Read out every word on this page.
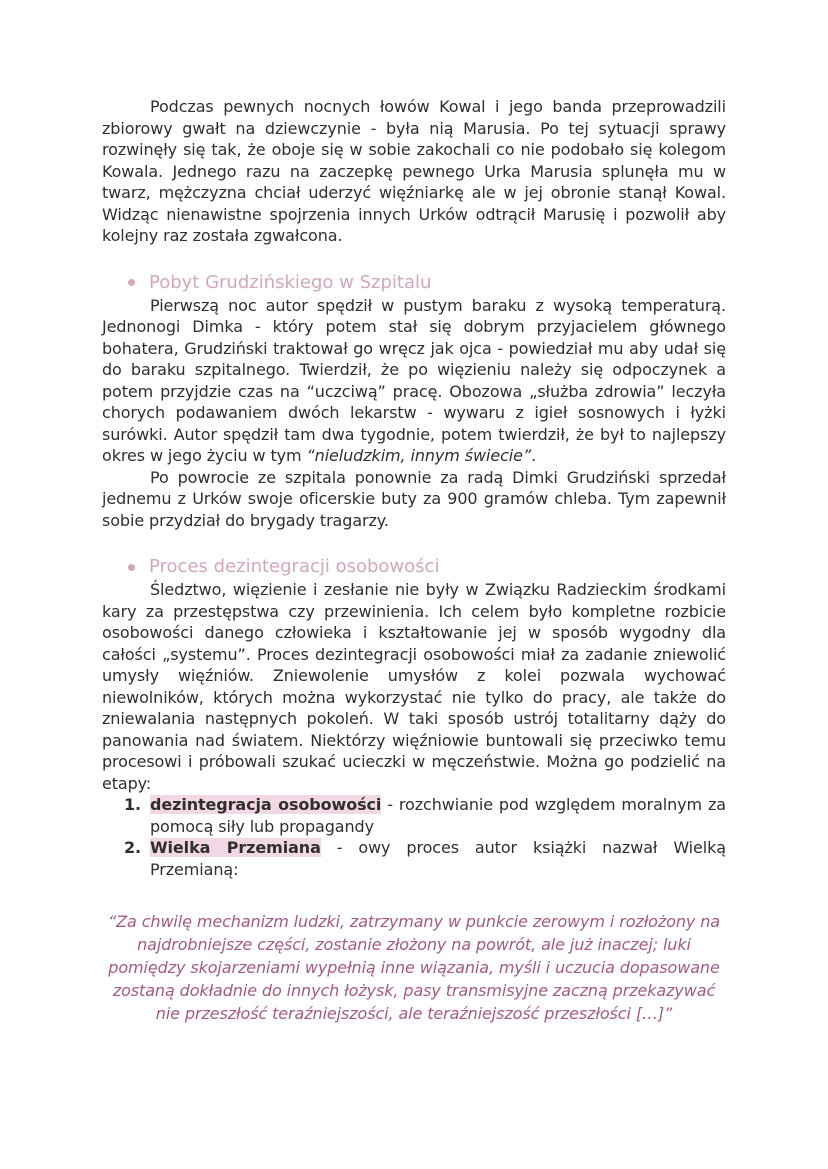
Podczas pewnych nocnych łowów Kowal i jego banda przeprowadzili zbiorowy gwałt na dziewczynie - była nią Marusia. Po tej sytuacji sprawy rozwinęły się tak, że oboje się w sobie zakochali co nie podobało się kolegom Kowala. Jednego razu na zaczepkę pewnego Urka Marusia splunęła mu w twarz, mężczyzna chciał uderzyć więźniarkę ale w jej obronie stanął Kowal. Widząc nienawistne spojrzenia innych Urków odtrącił Marusię i pozwolił aby kolejny raz została zgwałcona.

Pobyt Grudzińskiego w Szpitalu

Pierwszą noc autor spędził w pustym baraku z wysoką temperaturą. Jednonogi Dimka - który potem stał się dobrym przyjacielem głównego bohatera, Grudziński traktował go wręcz jak ojca - powiedział mu aby udał się do baraku szpitalnego. Twierdził, że po więzieniu należy się odpoczynek a potem przyjdzie czas na “uczciwą” pracę. Obozowa „służba zdrowia” leczyła chorych podawaniem dwóch lekarstw - wywaru z igieł sosnowych i łyżki surówki. Autor spędził tam dwa tygodnie, potem twierdził, że był to najlepszy okres w jego życiu w tym “nieludzkim, innym świecie”.

Po powrocie ze szpitala ponownie za radą Dimki Grudziński sprzedał jednemu z Urków swoje oficerskie buty za 900 gramów chleba. Tym zapewnił sobie przydział do brygady tragarzy.

Proces dezintegracji osobowości

Śledztwo, więzienie i zesłanie nie były w Związku Radzieckim środkami kary za przestępstwa czy przewinienia. Ich celem było kompletne rozbicie osobowości danego człowieka i kształtowanie jej w sposób wygodny dla całości „systemu”. Proces dezintegracji osobowości miał za zadanie zniewolić umysły więźniów. Zniewolenie umysłów z kolei pozwala wychować niewolników, których można wykorzystać nie tylko do pracy, ale także do zniewalania następnych pokoleń. W taki sposób ustrój totalitarny dąży do panowania nad światem. Niektórzy więźniowie buntowali się przeciwko temu procesowi i próbowali szukać ucieczki w męczeństwie. Można go podzielić na etapy:

1. dezintegracja osobowości - rozchwianie pod względem moralnym za pomocą siły lub propagandy
2. Wielka Przemiana - owy proces autor książki nazwał Wielką Przemianą:

“Za chwilę mechanizm ludzki, zatrzymany w punkcie zerowym i rozłożony na najdrobniejsze części, zostanie złożony na powrót, ale już inaczej; luki pomiędzy skojarzeniami wypełnią inne wiązania, myśli i uczucia dopasowane zostaną dokładnie do innych łożysk, pasy transmisyjne zaczną przekazywać nie przeszłość teraźniejszości, ale teraźniejszość przeszłości […]”
